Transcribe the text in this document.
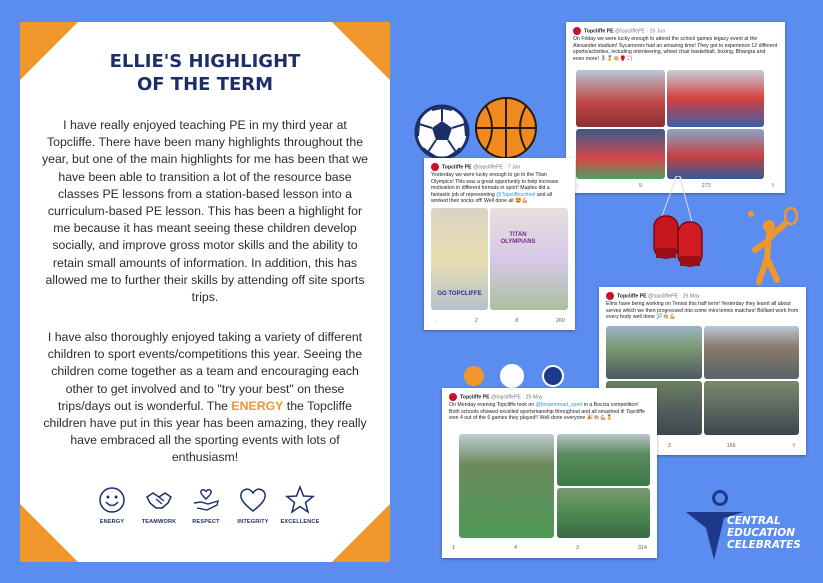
ELLIE'S HIGHLIGHT
OF THE TERM

I have really enjoyed teaching PE in my third year at Topcliffe. There have been many highlights throughout the year, but one of the main highlights for me has been that we have been able to transition a lot of the resource base classes PE lessons from a station-based lesson into a curriculum-based PE lesson. This has been a highlight for me because it has meant seeing these children develop socially, and improve gross motor skills and the ability to retain small amounts of information. In addition, this has allowed me to further their skills by attending off site sports trips.

I have also thoroughly enjoyed taking a variety of different children to sport events/competitions this year. Seeing the children come together as a team and encouraging each other to get involved and to "try your best" on these trips/days out is wonderful. The ENERGY the Topcliffe children have put in this year has been amazing, they really have embraced all the sporting events with lots of enthusiasm!

ENERGY	TEAMWORK	RESPECT	INTEGRITY	EXCELLENCE
Topcliffe PE @topcliffePE · 26 Jun
On Friday we were lucky enough to attend the school games legacy event at the Alexander stadium! Sycamores had an amazing time! They got to experience 12 different sports/activities, including orienteering, wheel chair basketball, boxing, Bhangra and even more! 🏃‍♀️🥇👏🏼🥊🏹
◌	9	273	⇧
Topcliffe PE @topcliffePE · 7 Jun
Yesterday we were lucky enough to go to the Titan Olympics! This was a great opportunity to help increase motivation in different formats in sport! Maples did a fantastic job of representing @Topcliffeschool and all worked their socks off! Well done all 🤩💪🏼
GO TOPCLIFFE
TITAN OLYMPIANS
◌	2	8	260
Topcliffe PE @topcliffePE · 26 May
Elms have being working on Tennis this half term! Yesterday they learnt all about serves which we then progressed into some mini tennis matches! Brilliant work from every body well done 🎾👏🏼💪🏼
3	166	⇧
Topcliffe PE @topcliffePE · 25 May
On Monday evening Topcliffe took on @brownmead_sport in a Boccia competition! Both schools showed excelled sportsmanship throughout and all smashed it! Topcliffe won 4 out of the 6 games they played!! Well done everyone 🎉👏🏼💪🏼🥇
1	4	3	314
CENTRAL
EDUCATION
CELEBRATES
